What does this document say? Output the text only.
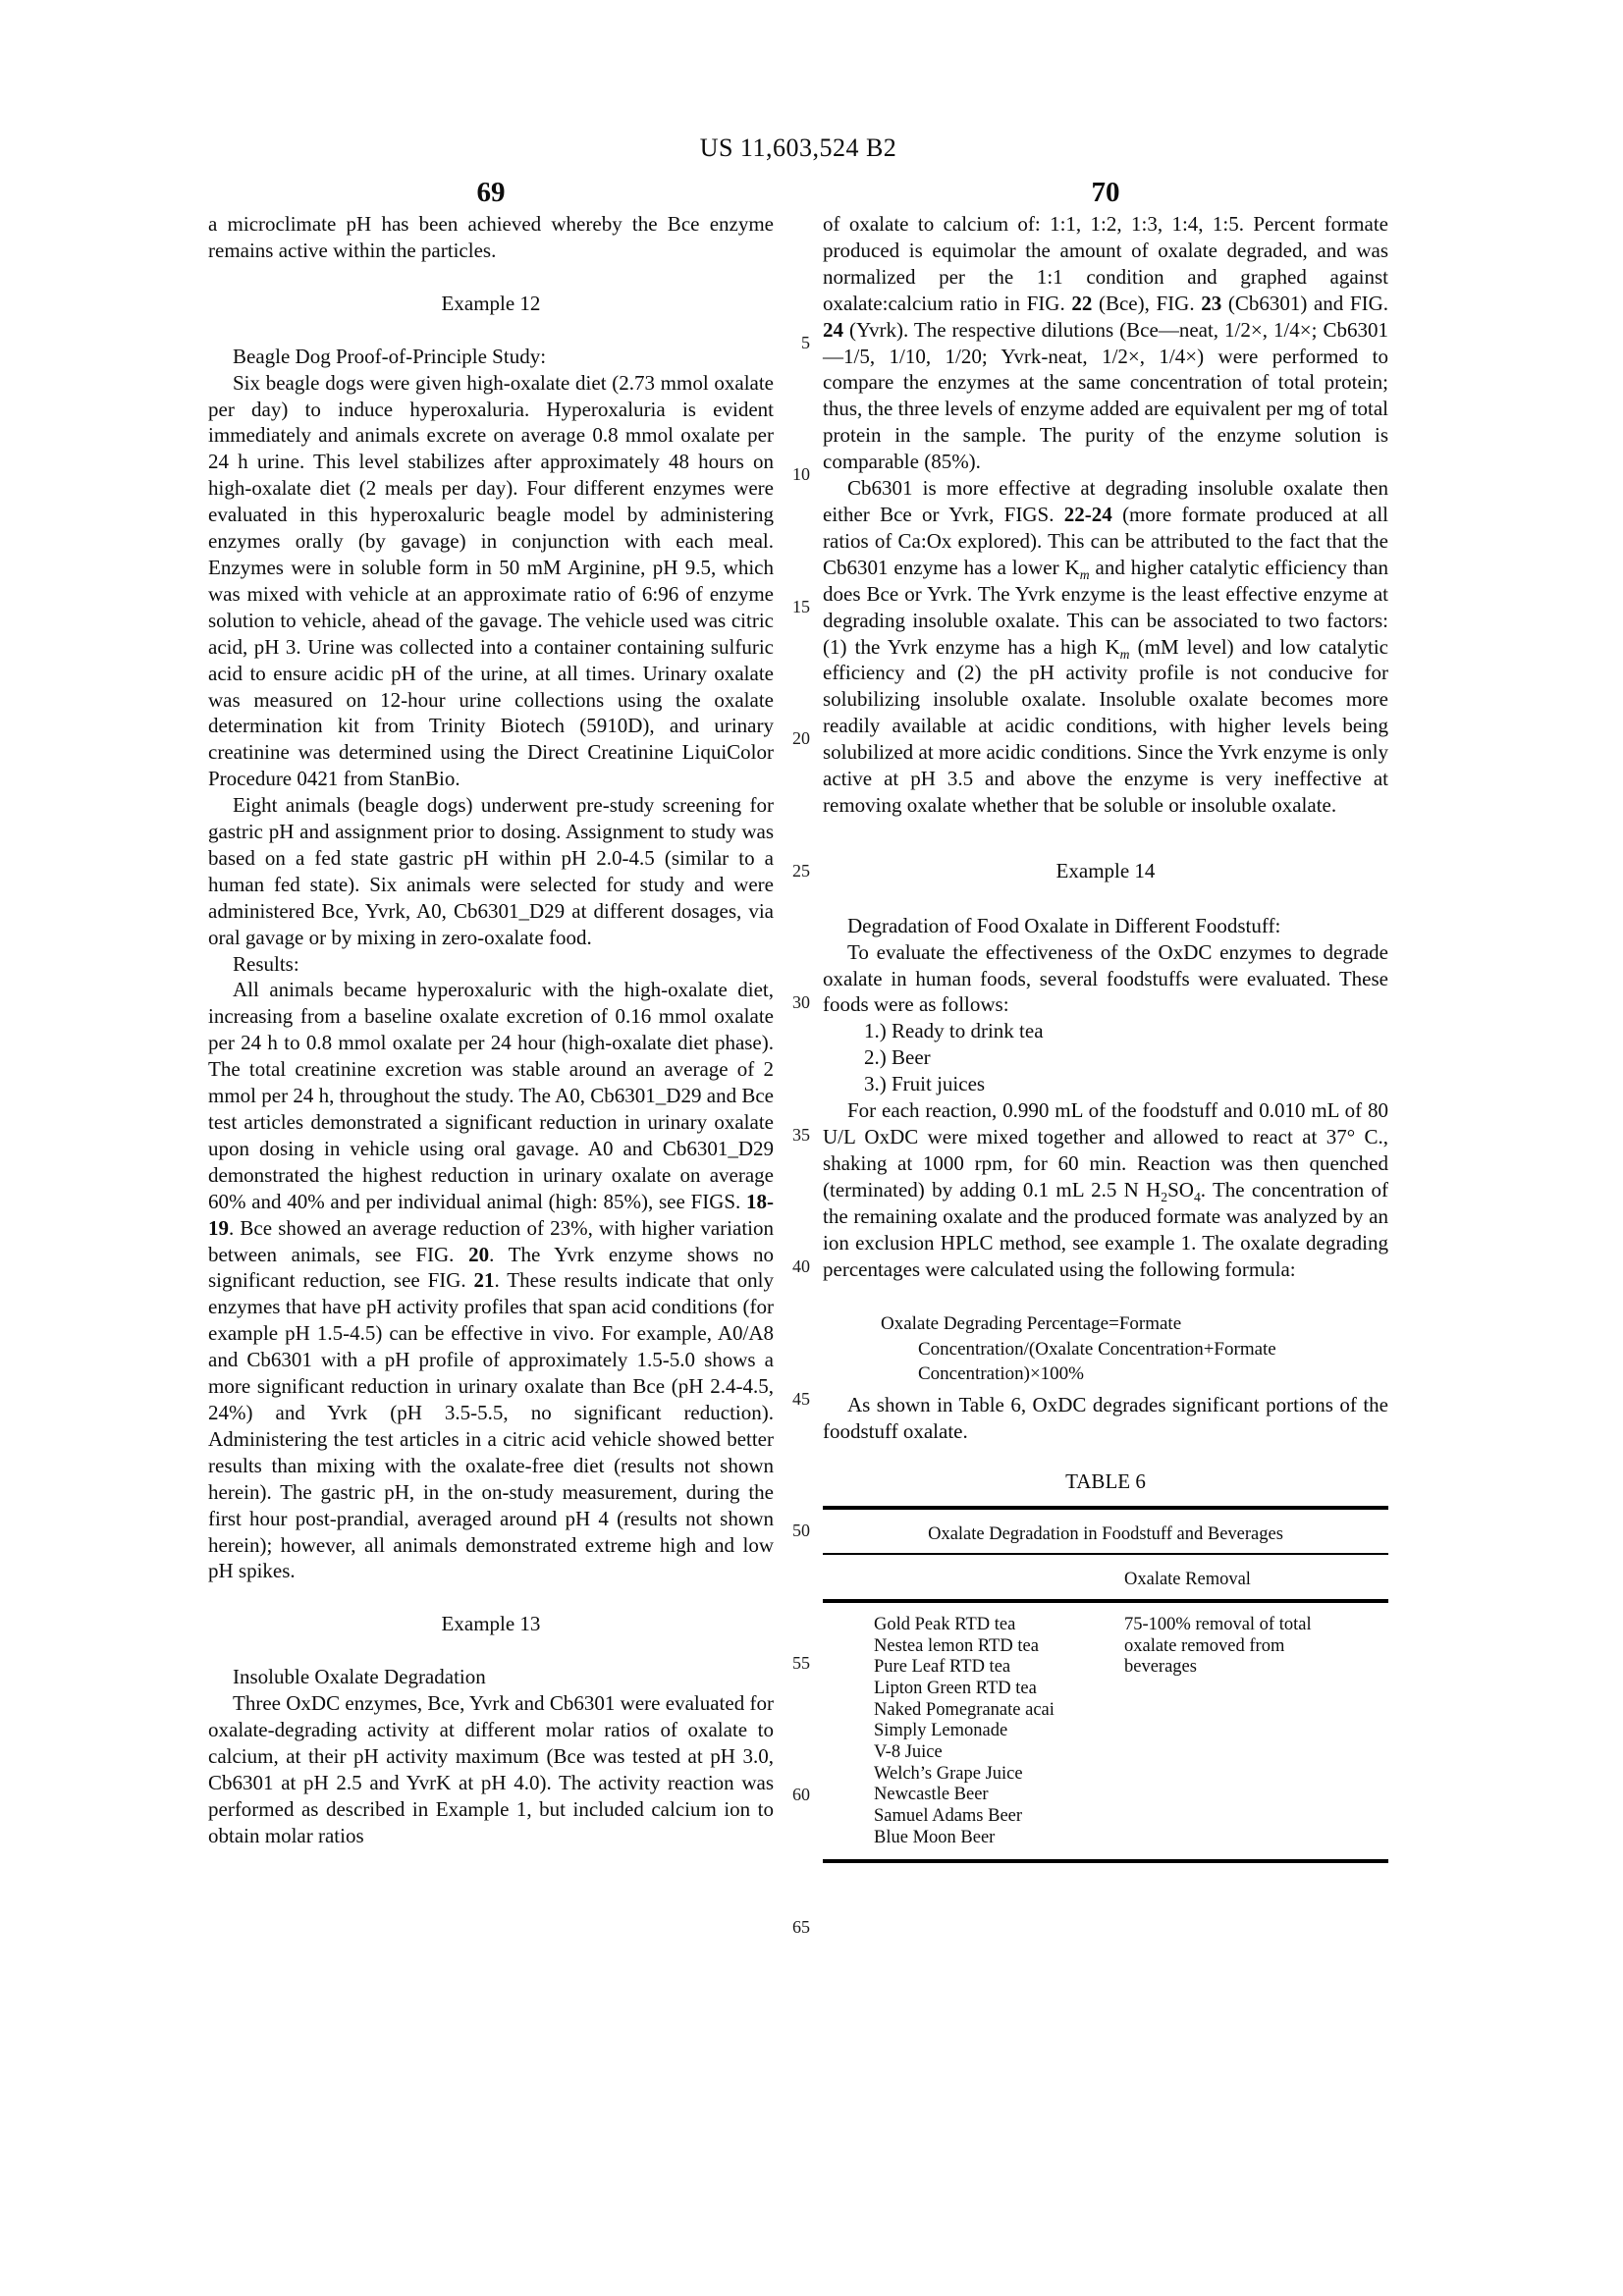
US 11,603,524 B2
69	70
5
10
15
20
25
30
35
40
45
50
55
60
65

a microclimate pH has been achieved whereby the Bce enzyme remains active within the particles.

Example 12

Beagle Dog Proof-of-Principle Study:

Six beagle dogs were given high-oxalate diet (2.73 mmol oxalate per day) to induce hyperoxaluria. Hyperoxaluria is evident immediately and animals excrete on average 0.8 mmol oxalate per 24 h urine. This level stabilizes after approximately 48 hours on high-oxalate diet (2 meals per day). Four different enzymes were evaluated in this hyperoxaluric beagle model by administering enzymes orally (by gavage) in conjunction with each meal. Enzymes were in soluble form in 50 mM Arginine, pH 9.5, which was mixed with vehicle at an approximate ratio of 6:96 of enzyme solution to vehicle, ahead of the gavage. The vehicle used was citric acid, pH 3. Urine was collected into a container containing sulfuric acid to ensure acidic pH of the urine, at all times. Urinary oxalate was measured on 12-hour urine collections using the oxalate determination kit from Trinity Biotech (5910D), and urinary creatinine was determined using the Direct Creatinine LiquiColor Procedure 0421 from StanBio.

Eight animals (beagle dogs) underwent pre-study screening for gastric pH and assignment prior to dosing. Assignment to study was based on a fed state gastric pH within pH 2.0-4.5 (similar to a human fed state). Six animals were selected for study and were administered Bce, Yvrk, A0, Cb6301_D29 at different dosages, via oral gavage or by mixing in zero-oxalate food.

Results:

All animals became hyperoxaluric with the high-oxalate diet, increasing from a baseline oxalate excretion of 0.16 mmol oxalate per 24 h to 0.8 mmol oxalate per 24 hour (high-oxalate diet phase). The total creatinine excretion was stable around an average of 2 mmol per 24 h, throughout the study. The A0, Cb6301_D29 and Bce test articles demonstrated a significant reduction in urinary oxalate upon dosing in vehicle using oral gavage. A0 and Cb6301_D29 demonstrated the highest reduction in urinary oxalate on average 60% and 40% and per individual animal (high: 85%), see FIGS. 18-19. Bce showed an average reduction of 23%, with higher variation between animals, see FIG. 20. The Yvrk enzyme shows no significant reduction, see FIG. 21. These results indicate that only enzymes that have pH activity profiles that span acid conditions (for example pH 1.5-4.5) can be effective in vivo. For example, A0/A8 and Cb6301 with a pH profile of approximately 1.5-5.0 shows a more significant reduction in urinary oxalate than Bce (pH 2.4-4.5, 24%) and Yvrk (pH 3.5-5.5, no significant reduction). Administering the test articles in a citric acid vehicle showed better results than mixing with the oxalate-free diet (results not shown herein). The gastric pH, in the on-study measurement, during the first hour post-prandial, averaged around pH 4 (results not shown herein); however, all animals demonstrated extreme high and low pH spikes.

Example 13

Insoluble Oxalate Degradation

Three OxDC enzymes, Bce, Yvrk and Cb6301 were evaluated for oxalate-degrading activity at different molar ratios of oxalate to calcium, at their pH activity maximum (Bce was tested at pH 3.0, Cb6301 at pH 2.5 and YvrK at pH 4.0). The activity reaction was performed as described in Example 1, but included calcium ion to obtain molar ratios

of oxalate to calcium of: 1:1, 1:2, 1:3, 1:4, 1:5. Percent formate produced is equimolar the amount of oxalate degraded, and was normalized per the 1:1 condition and graphed against oxalate:calcium ratio in FIG. 22 (Bce), FIG. 23 (Cb6301) and FIG. 24 (Yvrk). The respective dilutions (Bce—neat, 1/2×, 1/4×; Cb6301—1/5, 1/10, 1/20; Yvrk-neat, 1/2×, 1/4×) were performed to compare the enzymes at the same concentration of total protein; thus, the three levels of enzyme added are equivalent per mg of total protein in the sample. The purity of the enzyme solution is comparable (85%).

Cb6301 is more effective at degrading insoluble oxalate then either Bce or Yvrk, FIGS. 22-24 (more formate produced at all ratios of Ca:Ox explored). This can be attributed to the fact that the Cb6301 enzyme has a lower $K_m$ and higher catalytic efficiency than does Bce or Yvrk. The Yvrk enzyme is the least effective enzyme at degrading insoluble oxalate. This can be associated to two factors: (1) the Yvrk enzyme has a high $K_m$ (mM level) and low catalytic efficiency and (2) the pH activity profile is not conducive for solubilizing insoluble oxalate. Insoluble oxalate becomes more readily available at acidic conditions, with higher levels being solubilized at more acidic conditions. Since the Yvrk enzyme is only active at pH 3.5 and above the enzyme is very ineffective at removing oxalate whether that be soluble or insoluble oxalate.

Example 14

Degradation of Food Oxalate in Different Foodstuff:

To evaluate the effectiveness of the OxDC enzymes to degrade oxalate in human foods, several foodstuffs were evaluated. These foods were as follows:

1.) Ready to drink tea
2.) Beer
3.) Fruit juices

For each reaction, 0.990 mL of the foodstuff and 0.010 mL of 80 U/L OxDC were mixed together and allowed to react at 37° C., shaking at 1000 rpm, for 60 min. Reaction was then quenched (terminated) by adding 0.1 mL 2.5 N $H_2SO_4$. The concentration of the remaining oxalate and the produced formate was analyzed by an ion exclusion HPLC method, see example 1. The oxalate degrading percentages were calculated using the following formula:

Oxalate Degrading Percentage=Formate Concentration/(Oxalate Concentration+Formate Concentration)×100%

As shown in Table 6, OxDC degrades significant portions of the foodstuff oxalate.

TABLE 6
Oxalate Degradation in Foodstuff and Beverages
Oxalate Removal
Gold Peak RTD tea
Nestea lemon RTD tea
Pure Leaf RTD tea
Lipton Green RTD tea
Naked Pomegranate acai
Simply Lemonade
V-8 Juice
Welch’s Grape Juice
Newcastle Beer
Samuel Adams Beer
Blue Moon Beer
75-100% removal of total oxalate removed from beverages
